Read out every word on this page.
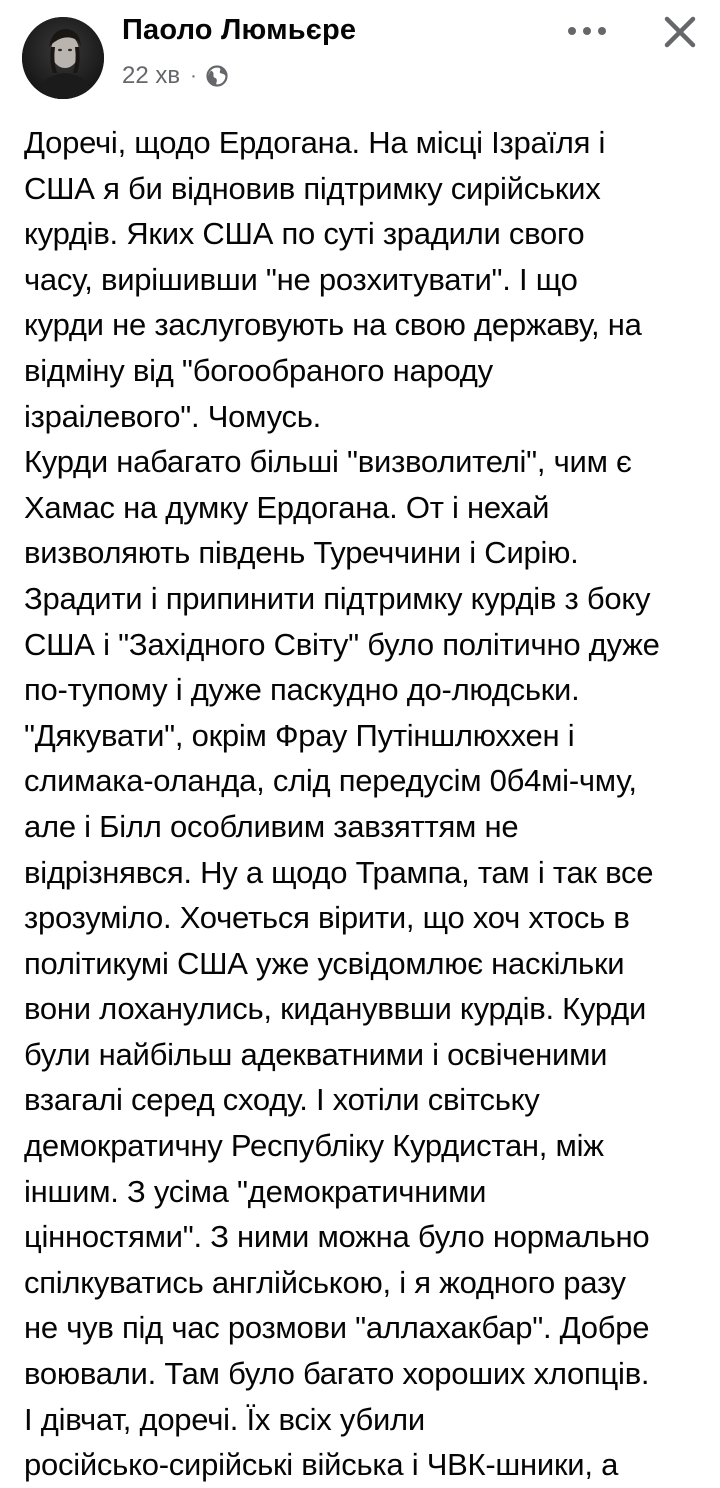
Паоло Люмьєре
22 хв ·
Доречі, щодо Ердогана. На місці Ізраїля і
США я би відновив підтримку сирійських
курдів. Яких США по суті зрадили свого
часу, вирішивши "не розхитувати". І що
курди не заслуговують на свою державу, на
відміну від "богообраного народу
ізраілевого". Чомусь.
Курди набагато більші "визволителі", чим є
Хамас на думку Ердогана. От і нехай
визволяють південь Туреччини і Сирію.
Зрадити і припинити підтримку курдів з боку
США і "Західного Світу" було політично дуже
по-тупому і дуже паскудно до-людськи.
"Дякувати", окрім Фрау Путіншлюххен і
слимака-оланда, слід передусім 0б4мі-чму,
але і Білл особливим завзяттям не
відрізнявся. Ну а щодо Трампа, там і так все
зрозуміло. Хочеться вірити, що хоч хтось в
політикумі США уже усвідомлює наскільки
вони лоханулись, кидануввши курдів. Курди
були найбільш адекватними і освіченими
взагалі серед сходу. І хотіли світську
демократичну Республіку Курдистан, між
іншим. З усіма "демократичними
цінностями". З ними можна було нормально
спілкуватись англійською, і я жодного разу
не чув під час розмови "аллахакбар". Добре
воювали. Там було багато хороших хлопців.
І дівчат, доречі. Їх всіх убили
російсько-сирійські війська і ЧВК-шники, а
